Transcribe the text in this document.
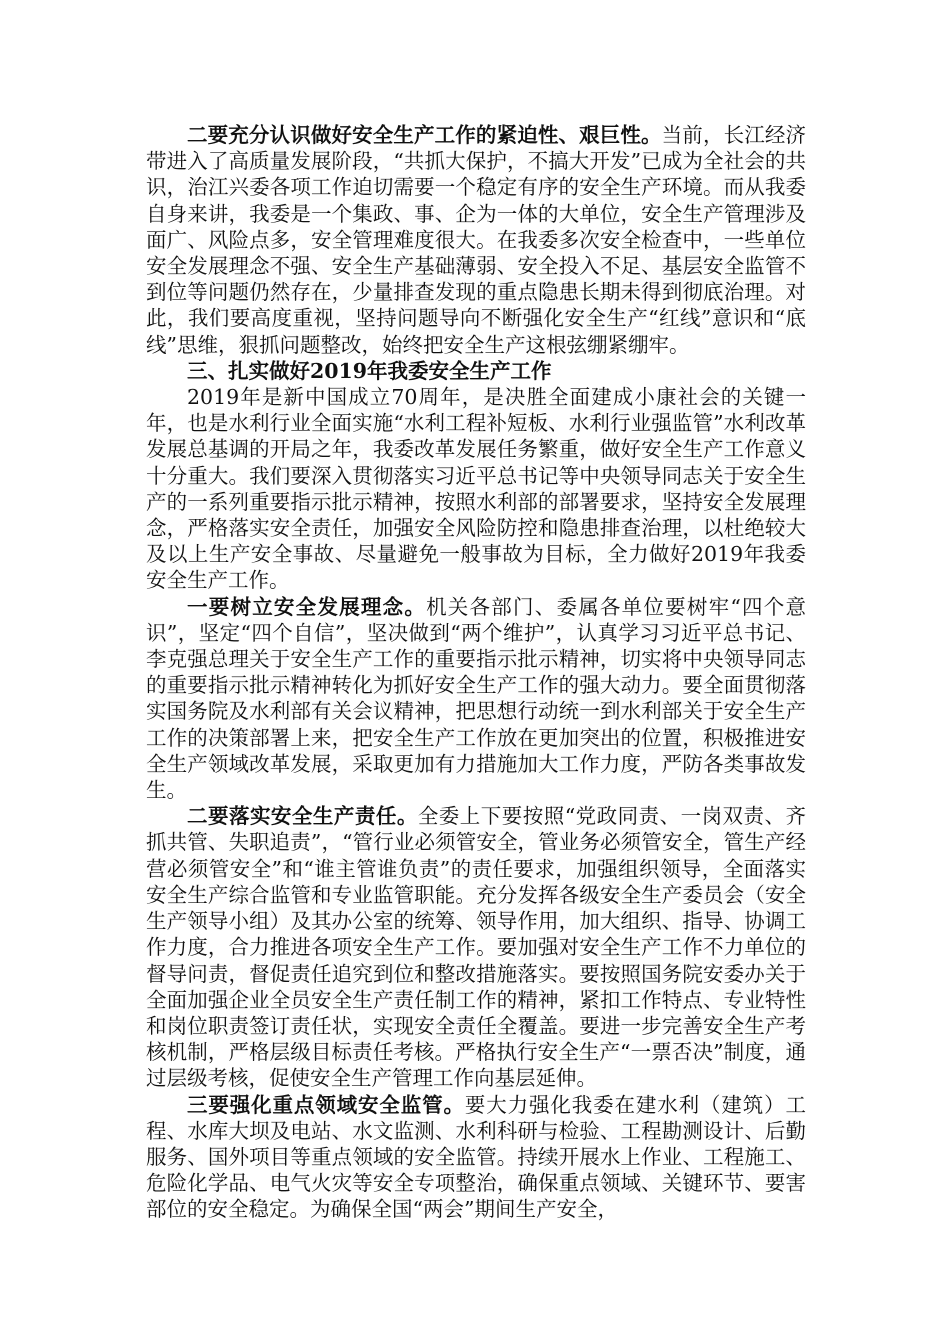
二要充分认识做好安全生产工作的紧迫性、艰巨性。当前，长江经济带进入了高质量发展阶段，“共抓大保护，不搞大开发”已成为全社会的共识，治江兴委各项工作迫切需要一个稳定有序的安全生产环境。而从我委自身来讲，我委是一个集政、事、企为一体的大单位，安全生产管理涉及面广、风险点多，安全管理难度很大。在我委多次安全检查中，一些单位安全发展理念不强、安全生产基础薄弱、安全投入不足、基层安全监管不到位等问题仍然存在，少量排查发现的重点隐患长期未得到彻底治理。对此，我们要高度重视，坚持问题导向不断强化安全生产“红线”意识和“底线”思维，狠抓问题整改，始终把安全生产这根弦绷紧绷牢。

三、扎实做好2019年我委安全生产工作

2019年是新中国成立70周年，是决胜全面建成小康社会的关键一年，也是水利行业全面实施“水利工程补短板、水利行业强监管”水利改革发展总基调的开局之年，我委改革发展任务繁重，做好安全生产工作意义十分重大。我们要深入贯彻落实习近平总书记等中央领导同志关于安全生产的一系列重要指示批示精神，按照水利部的部署要求，坚持安全发展理念，严格落实安全责任，加强安全风险防控和隐患排查治理，以杜绝较大及以上生产安全事故、尽量避免一般事故为目标，全力做好2019年我委安全生产工作。

一要树立安全发展理念。机关各部门、委属各单位要树牢“四个意识”，坚定“四个自信”，坚决做到“两个维护”，认真学习习近平总书记、李克强总理关于安全生产工作的重要指示批示精神，切实将中央领导同志的重要指示批示精神转化为抓好安全生产工作的强大动力。要全面贯彻落实国务院及水利部有关会议精神，把思想行动统一到水利部关于安全生产工作的决策部署上来，把安全生产工作放在更加突出的位置，积极推进安全生产领域改革发展，采取更加有力措施加大工作力度，严防各类事故发生。

二要落实安全生产责任。全委上下要按照“党政同责、一岗双责、齐抓共管、失职追责”，“管行业必须管安全，管业务必须管安全，管生产经营必须管安全”和“谁主管谁负责”的责任要求，加强组织领导，全面落实安全生产综合监管和专业监管职能。充分发挥各级安全生产委员会（安全生产领导小组）及其办公室的统筹、领导作用，加大组织、指导、协调工作力度，合力推进各项安全生产工作。要加强对安全生产工作不力单位的督导问责，督促责任追究到位和整改措施落实。要按照国务院安委办关于全面加强企业全员安全生产责任制工作的精神，紧扣工作特点、专业特性和岗位职责签订责任状，实现安全责任全覆盖。要进一步完善安全生产考核机制，严格层级目标责任考核。严格执行安全生产“一票否决”制度，通过层级考核，促使安全生产管理工作向基层延伸。

三要强化重点领域安全监管。要大力强化我委在建水利（建筑）工程、水库大坝及电站、水文监测、水利科研与检验、工程勘测设计、后勤服务、国外项目等重点领域的安全监管。持续开展水上作业、工程施工、危险化学品、电气火灾等安全专项整治，确保重点领域、关键环节、要害部位的安全稳定。为确保全国“两会”期间生产安全，
